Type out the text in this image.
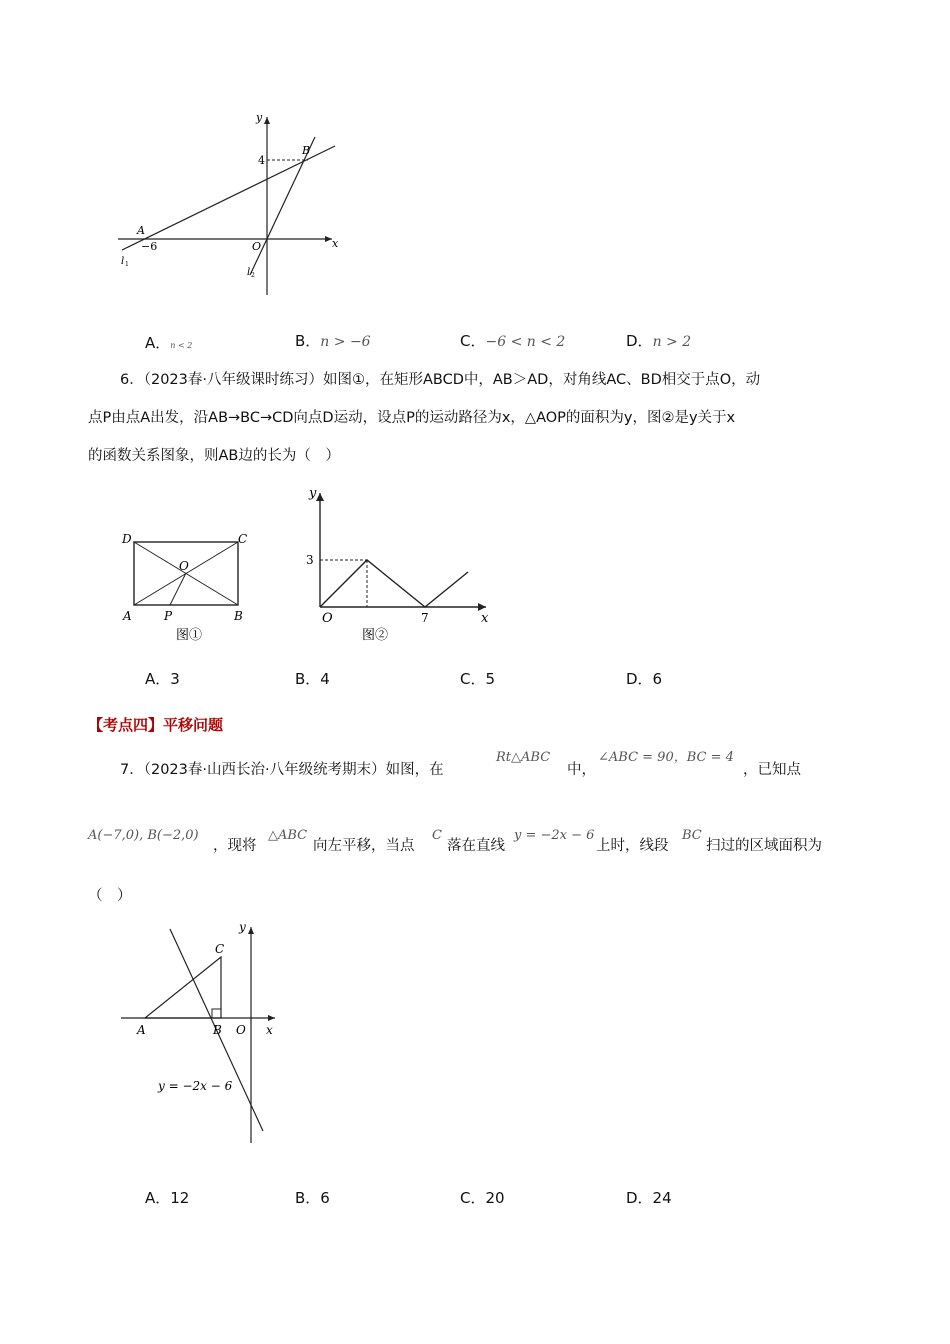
y
x
4
B
A
−6	O
l 1
l 2
A．n < 2	B．n > −6	C．−6 < n < 2	D．n > 2
6．（2023春·八年级课时练习）如图①，在矩形ABCD中，AB＞AD，对角线AC、BD相交于点O，动
点P由点A出发，沿AB→BC→CD向点D运动，设点P的运动路径为x，△AOP的面积为y，图②是y关于x
的函数关系图象，则AB边的长为（　）
D	C
O
A	P	B
图①
y
3
O	7	x
图②
A．3	B．4	C．5	D．6
【考点四】平移问题
7．（2023春·山西长治·八年级统考期末）如图，在
Rt△ABC
中，
∠ABC = 90，BC = 4
，已知点
A(−7,0), B(−2,0)
，现将
△ABC
向左平移，当点
C
落在直线
y = −2x − 6
上时，线段
BC
扫过的区域面积为
（　）
y
C
A	B O x
y = −2x − 6
A．12	B．6	C．20	D．24
